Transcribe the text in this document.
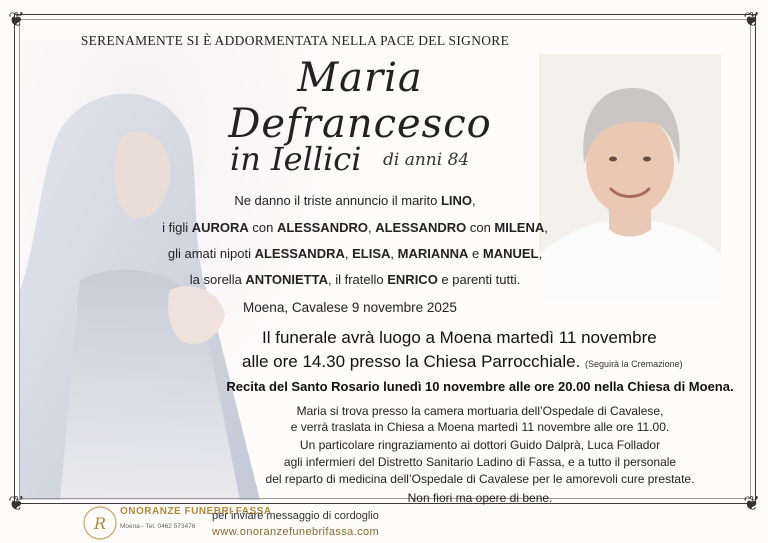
❦	❦
❦	❦
SERENAMENTE SI È ADDORMENTATA NELLA PACE DEL SIGNORE
Maria Defrancesco
in Iellici di anni 84
Ne danno il triste annuncio il marito LINO,
i figli AURORA con ALESSANDRO, ALESSANDRO con MILENA,
gli amati nipoti ALESSANDRA, ELISA, MARIANNA e MANUEL,
la sorella ANTONIETTA, il fratello ENRICO e parenti tutti.
Moena, Cavalese 9 novembre 2025
Il funerale avrà luogo a Moena martedì 11 novembre
alle ore 14.30 presso la Chiesa Parrocchiale. (Seguirà la Cremazione)
Recita del Santo Rosario lunedì 10 novembre alle ore 20.00 nella Chiesa di Moena.
Maria si trova presso la camera mortuaria dell’Ospedale di Cavalese,
e verrà traslata in Chiesa a Moena martedì 11 novembre alle ore 11.00.
Un particolare ringraziamento ai dottori Guido Dalprà, Luca Follador
agli infermieri del Distretto Sanitario Ladino di Fassa, e a tutto il personale
del reparto di medicina dell’Ospedale di Cavalese per le amorevoli cure prestate.
Non fiori ma opere di bene.
R
ONORANZE FUNEBRI FASSA
Moena - Tel. 0462 573476
per inviare messaggio di cordoglio
www.onoranzefunebrifassa.com
